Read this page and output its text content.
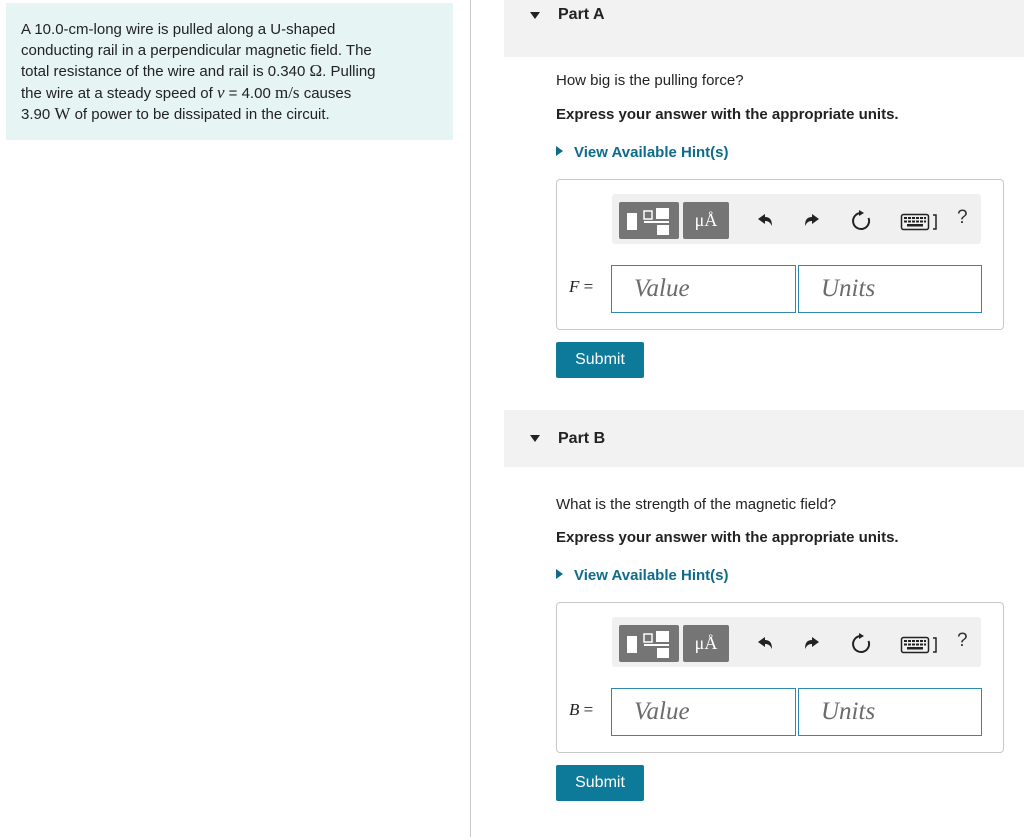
A 10.0-cm-long wire is pulled along a U-shaped
conducting rail in a perpendicular magnetic field. The
total resistance of the wire and rail is 0.340 Ω. Pulling
the wire at a steady speed of v = 4.00 m/s causes
3.90 W of power to be dissipated in the circuit.
Part A
How big is the pulling force?
Express your answer with the appropriate units.
View Available Hint(s)
μÅ	?
F =
Value
Units
Submit
Part B
What is the strength of the magnetic field?
Express your answer with the appropriate units.
View Available Hint(s)
μÅ	?
B =
Value
Units
Submit
